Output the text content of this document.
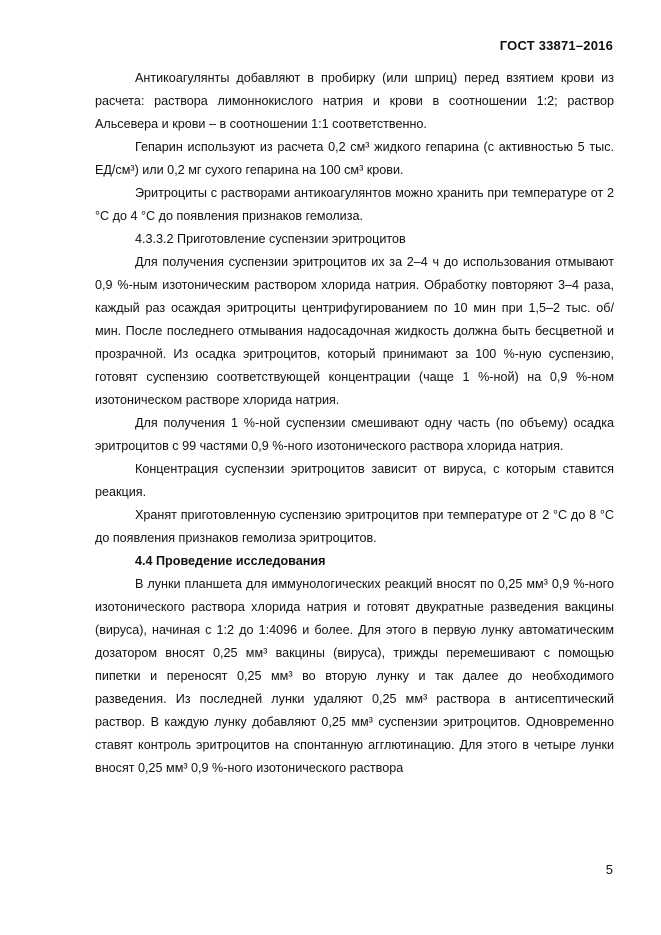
ГОСТ 33871–2016

Антикоагулянты добавляют в пробирку (или шприц) перед взятием крови из расчета: раствора лимоннокислого натрия и крови в соотношении 1:2; раствор Альсевера и крови – в соотношении 1:1 соответственно.

Гепарин используют из расчета 0,2 см³ жидкого гепарина (с активностью 5 тыс. ЕД/см³) или 0,2 мг сухого гепарина на 100 см³ крови.

Эритроциты с растворами антикоагулянтов можно хранить при температуре от 2 °С до 4 °С до появления признаков гемолиза.

4.3.3.2 Приготовление суспензии эритроцитов

Для получения суспензии эритроцитов их за 2–4 ч до использования отмывают 0,9 %-ным изотоническим раствором хлорида натрия. Обработку повторяют 3–4 раза, каждый раз осаждая эритроциты центрифугированием по 10 мин при 1,5–2 тыс. об/мин. После последнего отмывания надосадочная жидкость должна быть бесцветной и прозрачной. Из осадка эритроцитов, который принимают за 100 %-ную суспензию, готовят суспензию соответствующей концентрации (чаще 1 %-ной) на 0,9 %-ном изотоническом растворе хлорида натрия.

Для получения 1 %-ной суспензии смешивают одну часть (по объему) осадка эритроцитов с 99 частями 0,9 %-ного изотонического раствора хлорида натрия.

Концентрация суспензии эритроцитов зависит от вируса, с которым ставится реакция.

Хранят приготовленную суспензию эритроцитов при температуре от 2 °С до 8 °С до появления признаков гемолиза эритроцитов.

4.4 Проведение исследования

В лунки планшета для иммунологических реакций вносят по 0,25 мм³ 0,9 %-ного изотонического раствора хлорида натрия и готовят двукратные разведения вакцины (вируса), начиная с 1:2 до 1:4096 и более. Для этого в первую лунку автоматическим дозатором вносят 0,25 мм³ вакцины (вируса), трижды перемешивают с помощью пипетки и переносят 0,25 мм³ во вторую лунку и так далее до необходимого разведения. Из последней лунки удаляют 0,25 мм³ раствора в антисептический раствор. В каждую лунку добавляют 0,25 мм³ суспензии эритроцитов. Одновременно ставят контроль эритроцитов на спонтанную агглютинацию. Для этого в четыре лунки вносят 0,25 мм³ 0,9 %-ного изотонического раствора

5
